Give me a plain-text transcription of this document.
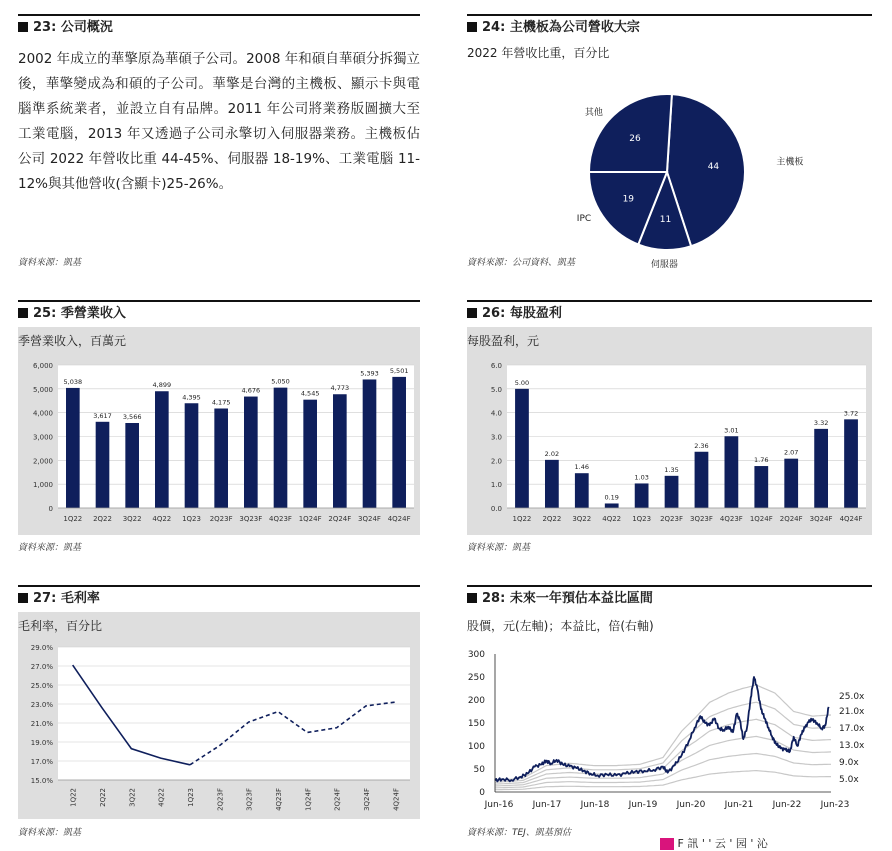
23: 公司概況
2002 年成立的華擎原為華碩子公司。2008 年和碩自華碩分拆獨立後，華擎變成為和碩的子公司。華擎是台灣的主機板、顯示卡與電腦準系統業者，並設立自有品牌。2011 年公司將業務版圖擴大至工業電腦，2013 年又透過子公司永擎切入伺服器業務。主機板佔公司 2022 年營收比重 44-45%、伺服器 18-19%、工業電腦 11-12%與其他營收(含顯卡)25-26%。
資料來源：凱基
24: 主機板為公司營收大宗
2022 年營收比重，百分比
44	主機板
11
伺服器
19
IPC
26
其他
資料來源：公司資料、凱基
25: 季營業收入
季營業收入，百萬元
0
1,000
2,000
3,000
4,000
5,000
6,000
5,038
1Q22
3,617
2Q22
3,566
3Q22
4,899
4Q22
4,395
1Q23
4,175
2Q23F
4,676
3Q23F
5,050
4Q23F
4,545
1Q24F
4,773
2Q24F
5,393
3Q24F
5,501
4Q24F
資料來源：凱基
26: 每股盈利
每股盈利，元
0.0
1.0
2.0
3.0
4.0
5.0
6.0
5.00
1Q22
2.02
2Q22
1.46
3Q22
0.19
4Q22
1.03
1Q23
1.35
2Q23F
2.36
3Q23F
3.01
4Q23F
1.76
1Q24F
2.07
2Q24F
3.32
3Q24F
3.72
4Q24F
資料來源：凱基
27: 毛利率
毛利率，百分比
15.0%
17.0%
19.0%
21.0%
23.0%
25.0%
27.0%
29.0%
1Q22	2Q22	3Q22	4Q22	1Q23	2Q23F	3Q23F	4Q23F	1Q24F	2Q24F	3Q24F	4Q24F
資料來源：凱基
28: 未來一年預估本益比區間
股價，元(左軸)；本益比，倍(右軸)
0
50
100
150
200
250
300
25.0x
21.0x
17.0x
13.0x
9.0x
5.0x
Jun-16 Jun-17 Jun-18 Jun-19 Jun-20 Jun-21 Jun-22 Jun-23
資料來源：TEJ、凱基預估
F 訊 ' ' 云 ' 园 ' 沁
